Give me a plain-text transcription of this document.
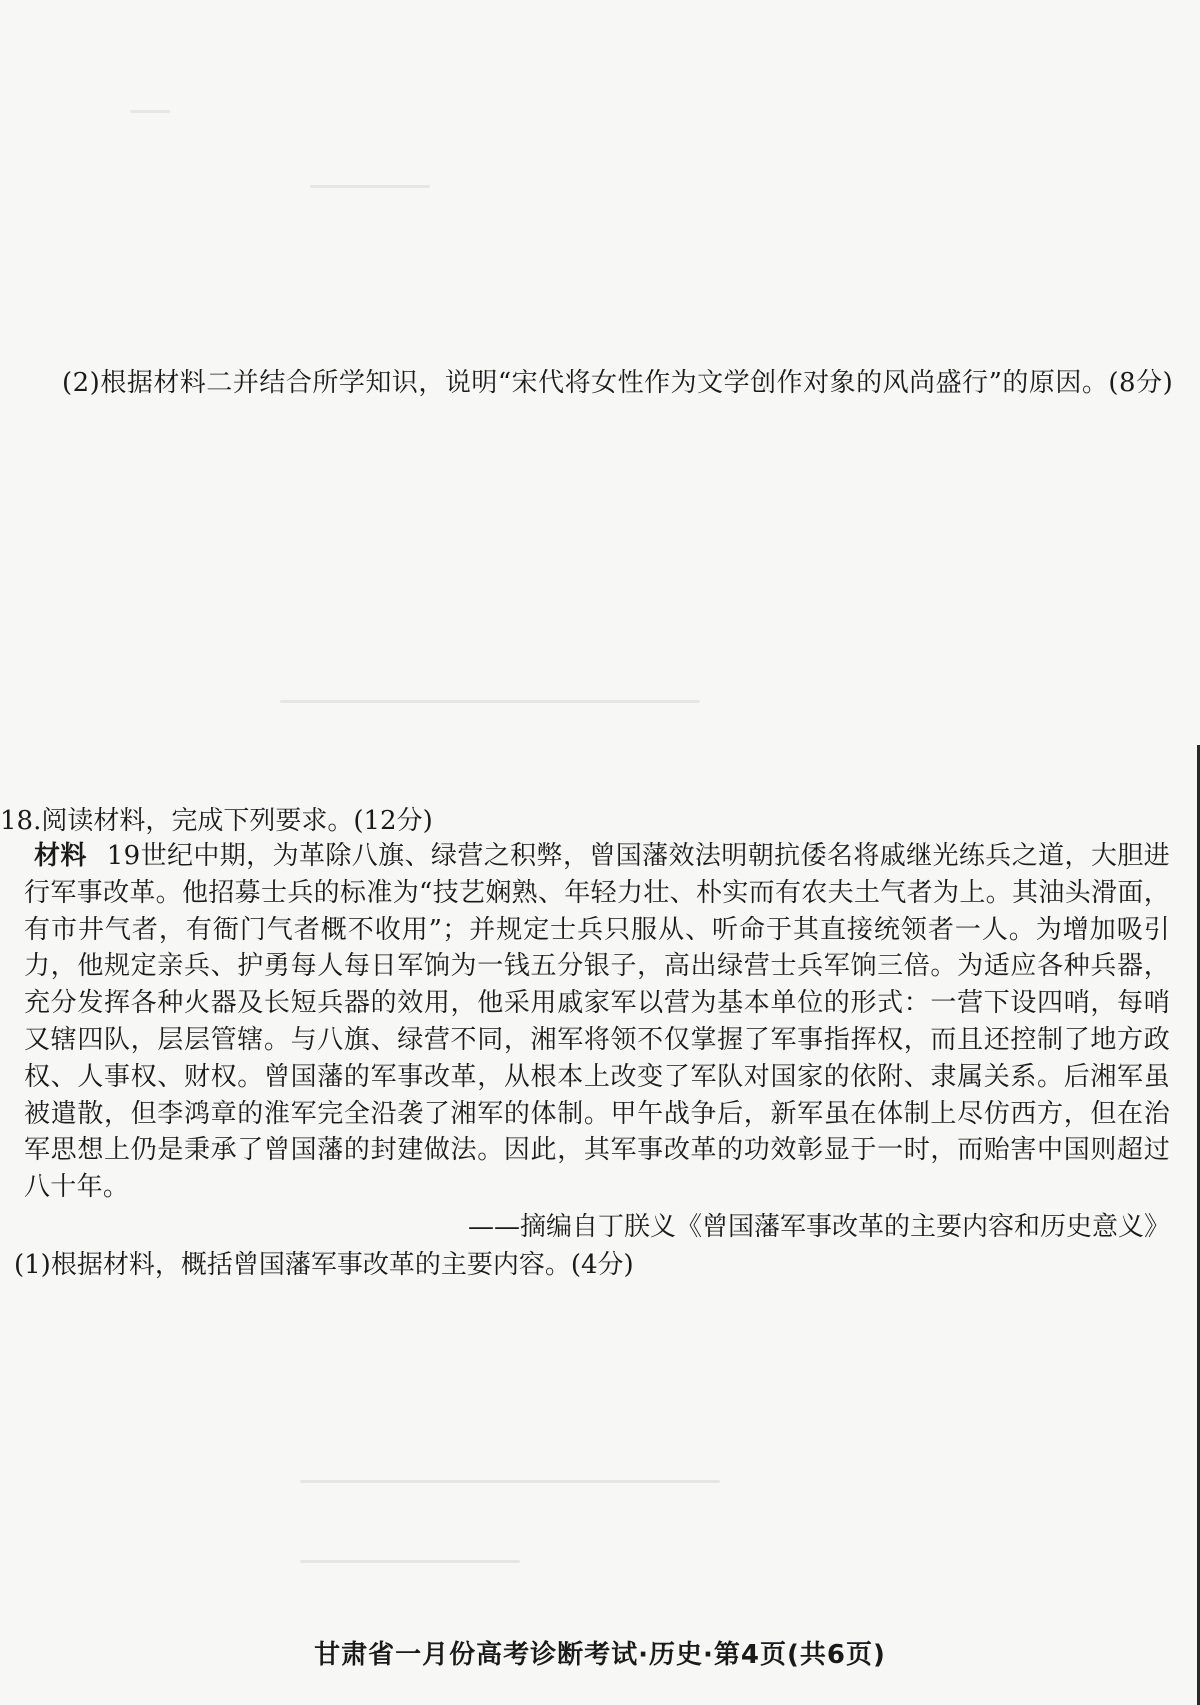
(2)根据材料二并结合所学知识，说明“宋代将女性作为文学创作对象的风尚盛行”的原因。(8分)
18.阅读材料，完成下列要求。(12分)
材料 19世纪中期，为革除八旗、绿营之积弊，曾国藩效法明朝抗倭名将戚继光练兵之道，大胆进行军事改革。他招募士兵的标准为“技艺娴熟、年轻力壮、朴实而有农夫土气者为上。其油头滑面，有市井气者，有衙门气者概不收用”；并规定士兵只服从、听命于其直接统领者一人。为增加吸引力，他规定亲兵、护勇每人每日军饷为一钱五分银子，高出绿营士兵军饷三倍。为适应各种兵器，充分发挥各种火器及长短兵器的效用，他采用戚家军以营为基本单位的形式：一营下设四哨，每哨又辖四队，层层管辖。与八旗、绿营不同，湘军将领不仅掌握了军事指挥权，而且还控制了地方政权、人事权、财权。曾国藩的军事改革，从根本上改变了军队对国家的依附、隶属关系。后湘军虽被遣散，但李鸿章的淮军完全沿袭了湘军的体制。甲午战争后，新军虽在体制上尽仿西方，但在治军思想上仍是秉承了曾国藩的封建做法。因此，其军事改革的功效彰显于一时，而贻害中国则超过八十年。
——摘编自丁朕义《曾国藩军事改革的主要内容和历史意义》
(1)根据材料，概括曾国藩军事改革的主要内容。(4分)
甘肃省一月份高考诊断考试·历史·第4页(共6页)
